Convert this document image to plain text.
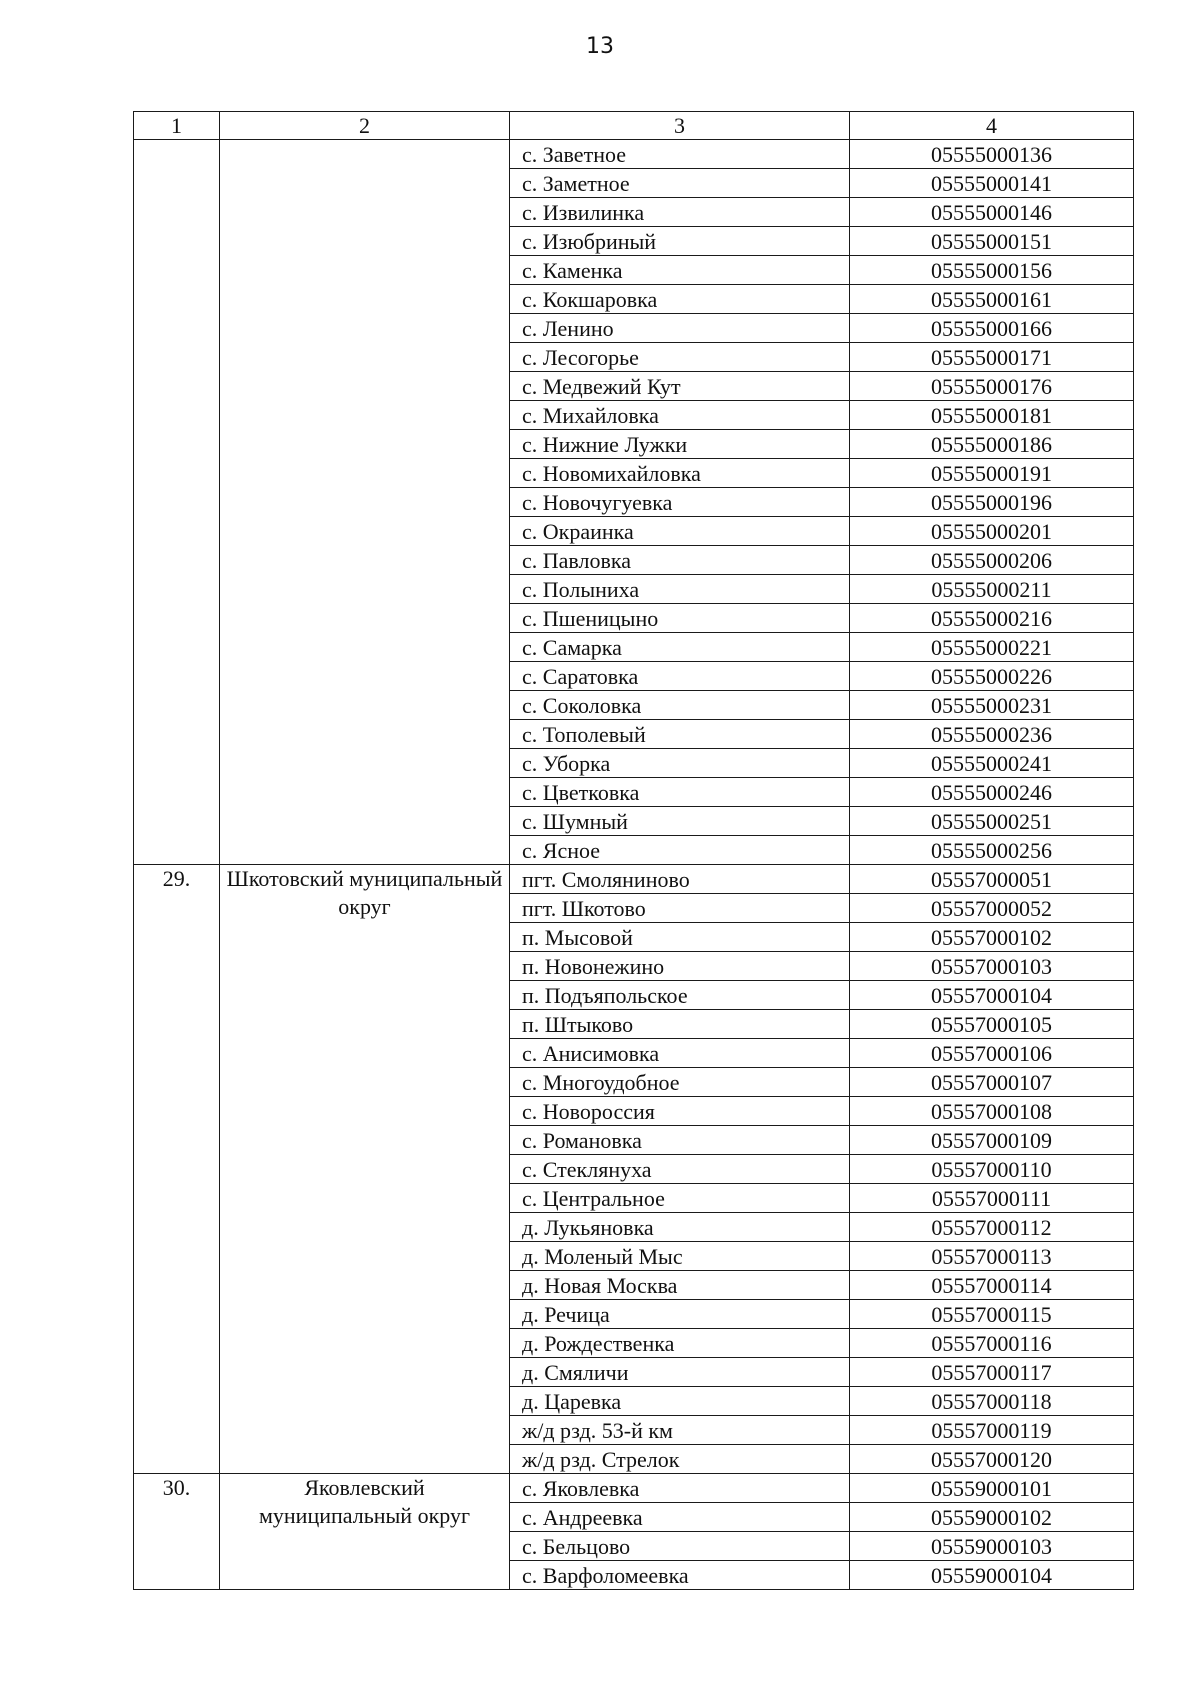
13
1	2	3	4
		с. Заветное	05555000136
		с. Заметное	05555000141
		с. Извилинка	05555000146
		с. Изюбриный	05555000151
		с. Каменка	05555000156
		с. Кокшаровка	05555000161
		с. Ленино	05555000166
		с. Лесогорье	05555000171
		с. Медвежий Кут	05555000176
		с. Михайловка	05555000181
		с. Нижние Лужки	05555000186
		с. Новомихайловка	05555000191
		с. Новочугуевка	05555000196
		с. Окраинка	05555000201
		с. Павловка	05555000206
		с. Полыниха	05555000211
		с. Пшеницыно	05555000216
		с. Самарка	05555000221
		с. Саратовка	05555000226
		с. Соколовка	05555000231
		с. Тополевый	05555000236
		с. Уборка	05555000241
		с. Цветковка	05555000246
		с. Шумный	05555000251
		с. Ясное	05555000256
29.	Шкотовский муниципальный округ	пгт. Смоляниново	05557000051
		пгт. Шкотово	05557000052
		п. Мысовой	05557000102
		п. Новонежино	05557000103
		п. Подъяпольское	05557000104
		п. Штыково	05557000105
		с. Анисимовка	05557000106
		с. Многоудобное	05557000107
		с. Новороссия	05557000108
		с. Романовка	05557000109
		с. Стеклянуха	05557000110
		с. Центральное	05557000111
		д. Лукьяновка	05557000112
		д. Моленый Мыс	05557000113
		д. Новая Москва	05557000114
		д. Речица	05557000115
		д. Рождественка	05557000116
		д. Смяличи	05557000117
		д. Царевка	05557000118
		ж/д рзд. 53-й км	05557000119
		ж/д рзд. Стрелок	05557000120
30.	Яковлевский муниципальный округ	с. Яковлевка	05559000101
		с. Андреевка	05559000102
		с. Бельцово	05559000103
		с. Варфоломеевка	05559000104
